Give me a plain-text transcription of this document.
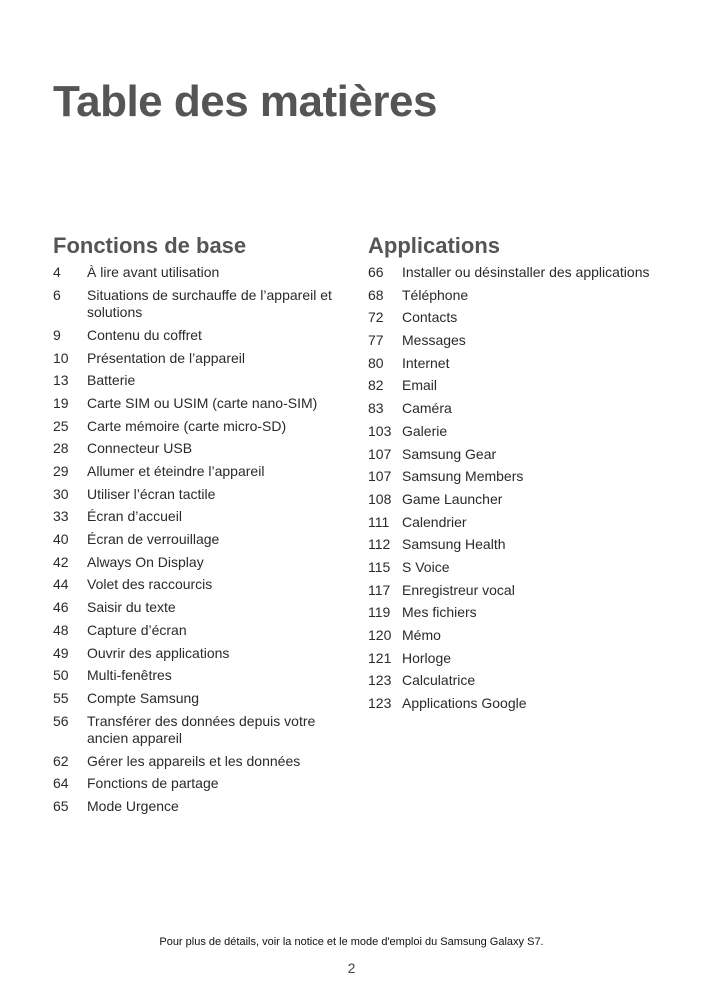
Table des matières
Fonctions de base
4	À lire avant utilisation
6	Situations de surchauffe de l’appareil et solutions
9	Contenu du coffret
10	Présentation de l’appareil
13	Batterie
19	Carte SIM ou USIM (carte nano-SIM)
25	Carte mémoire (carte micro-SD)
28	Connecteur USB
29	Allumer et éteindre l’appareil
30	Utiliser l’écran tactile
33	Écran d’accueil
40	Écran de verrouillage
42	Always On Display
44	Volet des raccourcis
46	Saisir du texte
48	Capture d’écran
49	Ouvrir des applications
50	Multi-fenêtres
55	Compte Samsung
56	Transférer des données depuis votre ancien appareil
62	Gérer les appareils et les données
64	Fonctions de partage
65	Mode Urgence
Applications
66	Installer ou désinstaller des applications
68	Téléphone
72	Contacts
77	Messages
80	Internet
82	Email
83	Caméra
103 Galerie
107 Samsung Gear
107 Samsung Members
108 Game Launcher
111 Calendrier
112 Samsung Health
115 S Voice
117 Enregistreur vocal
119 Mes fichiers
120 Mémo
121 Horloge
123 Calculatrice
123 Applications Google
Pour plus de détails, voir la notice et le mode d'emploi du Samsung Galaxy S7.
2
